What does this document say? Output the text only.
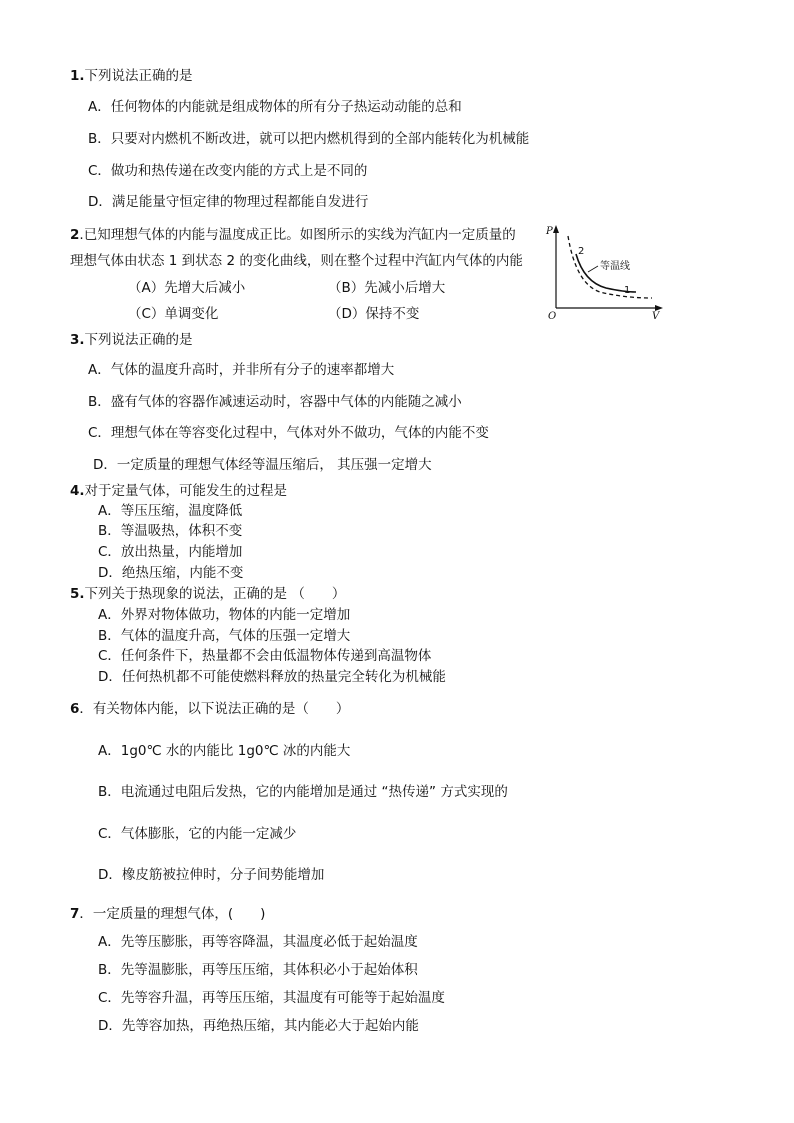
1.下列说法正确的是
A．任何物体的内能就是组成物体的所有分子热运动动能的总和
B．只要对内燃机不断改进，就可以把内燃机得到的全部内能转化为机械能
C．做功和热传递在改变内能的方式上是不同的
D．满足能量守恒定律的物理过程都能自发进行
2.已知理想气体的内能与温度成正比。如图所示的实线为汽缸内一定质量的
理想气体由状态 1 到状态 2 的变化曲线，则在整个过程中汽缸内气体的内能
（A）先增大后减小	（B）先减小后增大
（C）单调变化	（D）保持不变
P
V
O
2
1
等温线
3.下列说法正确的是
A．气体的温度升高时，并非所有分子的速率都增大
B．盛有气体的容器作减速运动时，容器中气体的内能随之减小
C．理想气体在等容变化过程中，气体对外不做功，气体的内能不变
D．一定质量的理想气体经等温压缩后， 其压强一定增大
4.对于定量气体，可能发生的过程是
A．等压压缩，温度降低
B．等温吸热，体积不变
C．放出热量，内能增加
D．绝热压缩，内能不变
5.下列关于热现象的说法，正确的是 （　　）
A．外界对物体做功，物体的内能一定增加
B．气体的温度升高，气体的压强一定增大
C．任何条件下，热量都不会由低温物体传递到高温物体
D．任何热机都不可能使燃料释放的热量完全转化为机械能
6．有关物体内能，以下说法正确的是（　　）
A．1g0℃ 水的内能比 1g0℃ 冰的内能大
B．电流通过电阻后发热，它的内能增加是通过 “热传递” 方式实现的
C．气体膨胀，它的内能一定减少
D．橡皮筋被拉伸时，分子间势能增加
7．一定质量的理想气体，(　　)
A．先等压膨胀，再等容降温，其温度必低于起始温度
B．先等温膨胀，再等压压缩，其体积必小于起始体积
C．先等容升温，再等压压缩，其温度有可能等于起始温度
D．先等容加热，再绝热压缩，其内能必大于起始内能
